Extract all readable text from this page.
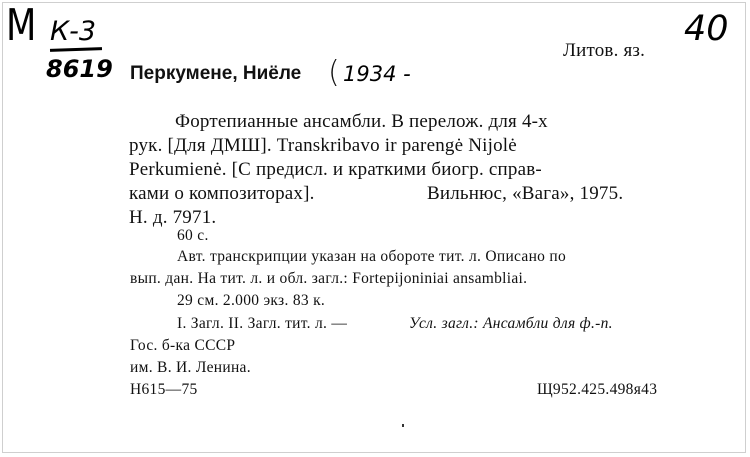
M К-3
8619
40
Литов. яз.
Перкумене, Ниёле ( 1934 -
Фортепианные ансамбли. В перелож. для 4-х
рук. [Для ДМШ]. Transkribavo ir parengė Nijolė
Perkumienė. [С предисл. и краткими биогр. справ-
ками о композиторах].	Вильнюс, «Вага», 1975.
Н. д. 7971.
60 с.
Авт. транскрипции указан на обороте тит. л. Описано по
вып. дан. На тит. л. и обл. загл.: Fortepijoniniai ansambliai.
29 см. 2.000 экз. 83 к.
I. Загл. II. Загл. тит. л. —	Усл. загл.: Ансамбли для ф.-п.
Гос. б-ка СССР
им. В. И. Ленина.
Н615—75	Щ952.425.498я43
